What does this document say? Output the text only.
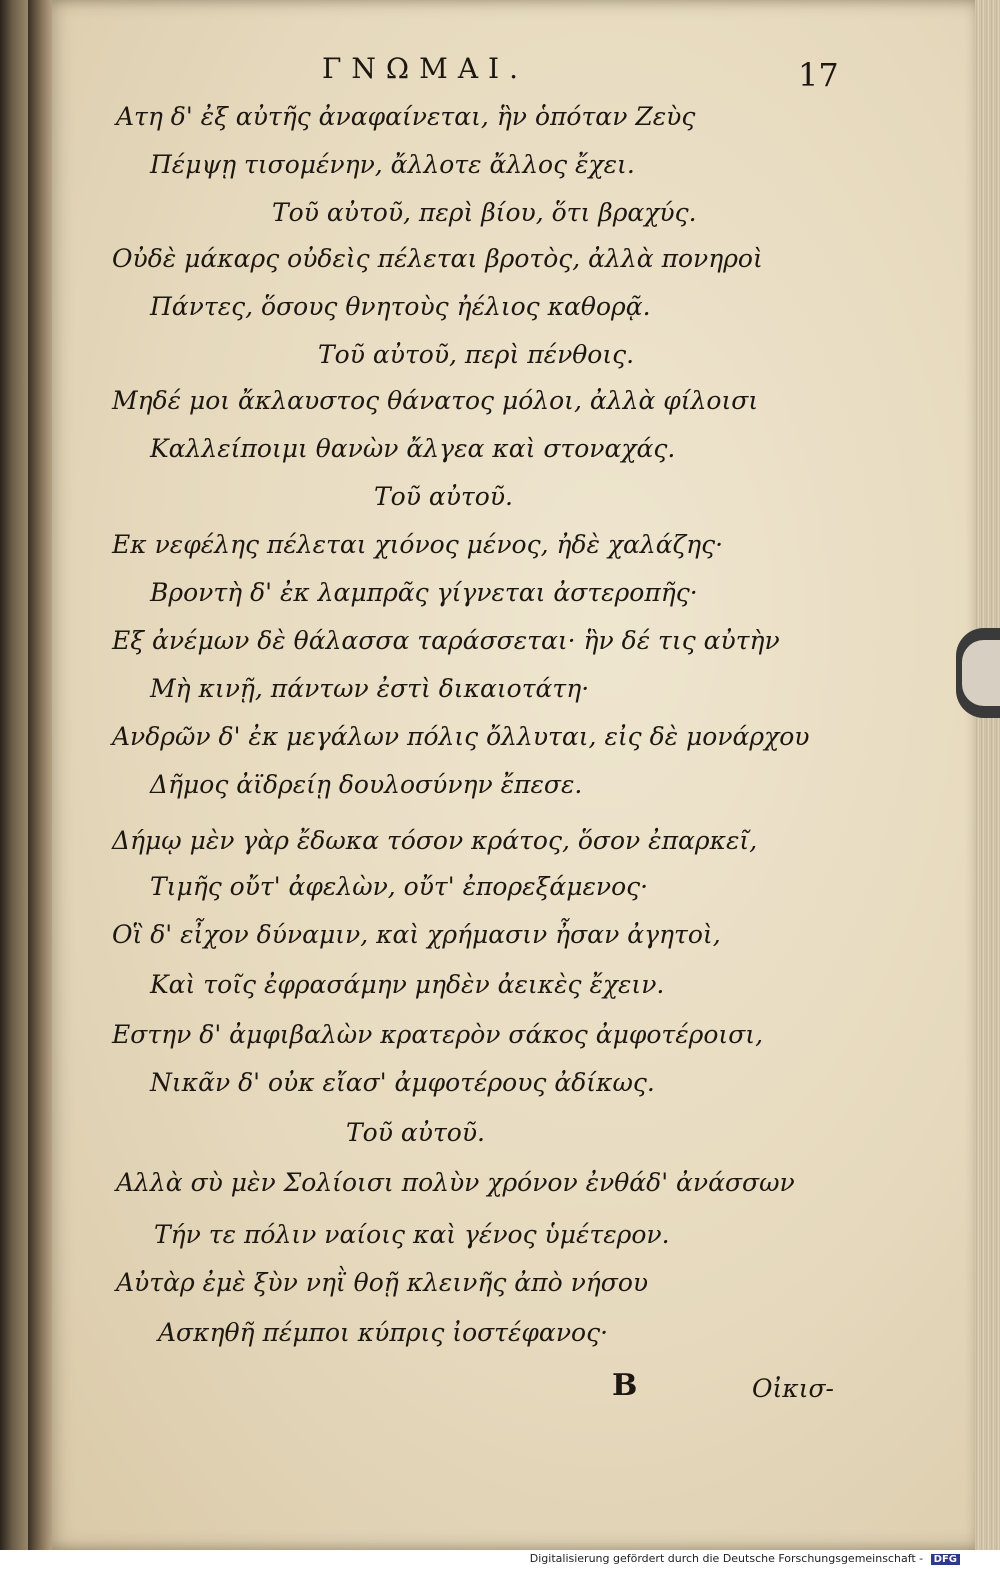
ΓΝΩΜΑΙ.	17
Ατη δ' ἐξ αὐτῆς ἀναφαίνεται, ἣν ὁπόταν Ζεὺς
Πέμψῃ τισομένην, ἄλλοτε ἄλλος ἔχει.
Τοῦ αὐτοῦ, περὶ βίου, ὅτι βραχύς.
Οὐδὲ μάκαρς οὐδεὶς πέλεται βροτὸς, ἀλλὰ πονηροὶ
Πάντες, ὅσους θνητοὺς ἠέλιος καθορᾷ.
Τοῦ αὐτοῦ, περὶ πένθοις.
Μηδέ μοι ἄκλαυστος θάνατος μόλοι, ἀλλὰ φίλοισι
Καλλείποιμι θανὼν ἄλγεα καὶ στοναχάς.
Τοῦ αὐτοῦ.
Εκ νεφέλης πέλεται χιόνος μένος, ἠδὲ χαλάζης·
Βροντὴ δ' ἐκ λαμπρᾶς γίγνεται ἀστεροπῆς·
Εξ ἀνέμων δὲ θάλασσα ταράσσεται· ἣν δέ τις αὐτὴν
Μὴ κινῇ, πάντων ἐστὶ δικαιοτάτη·
Ανδρῶν δ' ἐκ μεγάλων πόλις ὄλλυται, εἰς δὲ μονάρχου
Δῆμος ἀϊδρείῃ δουλοσύνην ἔπεσε.
Δήμῳ μὲν γὰρ ἔδωκα τόσον κράτος, ὅσον ἐπαρκεῖ,
Τιμῆς οὔτ' ἀφελὼν, οὔτ' ἐπορεξάμενος·
Οἳ δ' εἶχον δύναμιν, καὶ χρήμασιν ἦσαν ἀγητοὶ,
Καὶ τοῖς ἐφρασάμην μηδὲν ἀεικὲς ἔχειν.
Εστην δ' ἀμφιβαλὼν κρατερὸν σάκος ἀμφοτέροισι,
Νικᾶν δ' οὐκ εἴασ' ἀμφοτέρους ἀδίκως.
Τοῦ αὐτοῦ.
Αλλὰ σὺ μὲν Σολίοισι πολὺν χρόνον ἐνθάδ' ἀνάσσων
Τήν τε πόλιν ναίοις καὶ γένος ὑμέτερον.
Αὐτὰρ ἐμὲ ξὺν νηῒ θοῇ κλεινῆς ἀπὸ νήσου
Ασκηθῆ πέμποι κύπρις ἰοστέφανος·
B	Οἰκισ-
Digitalisierung gefördert durch die Deutsche Forschungsgemeinschaft - DFG
